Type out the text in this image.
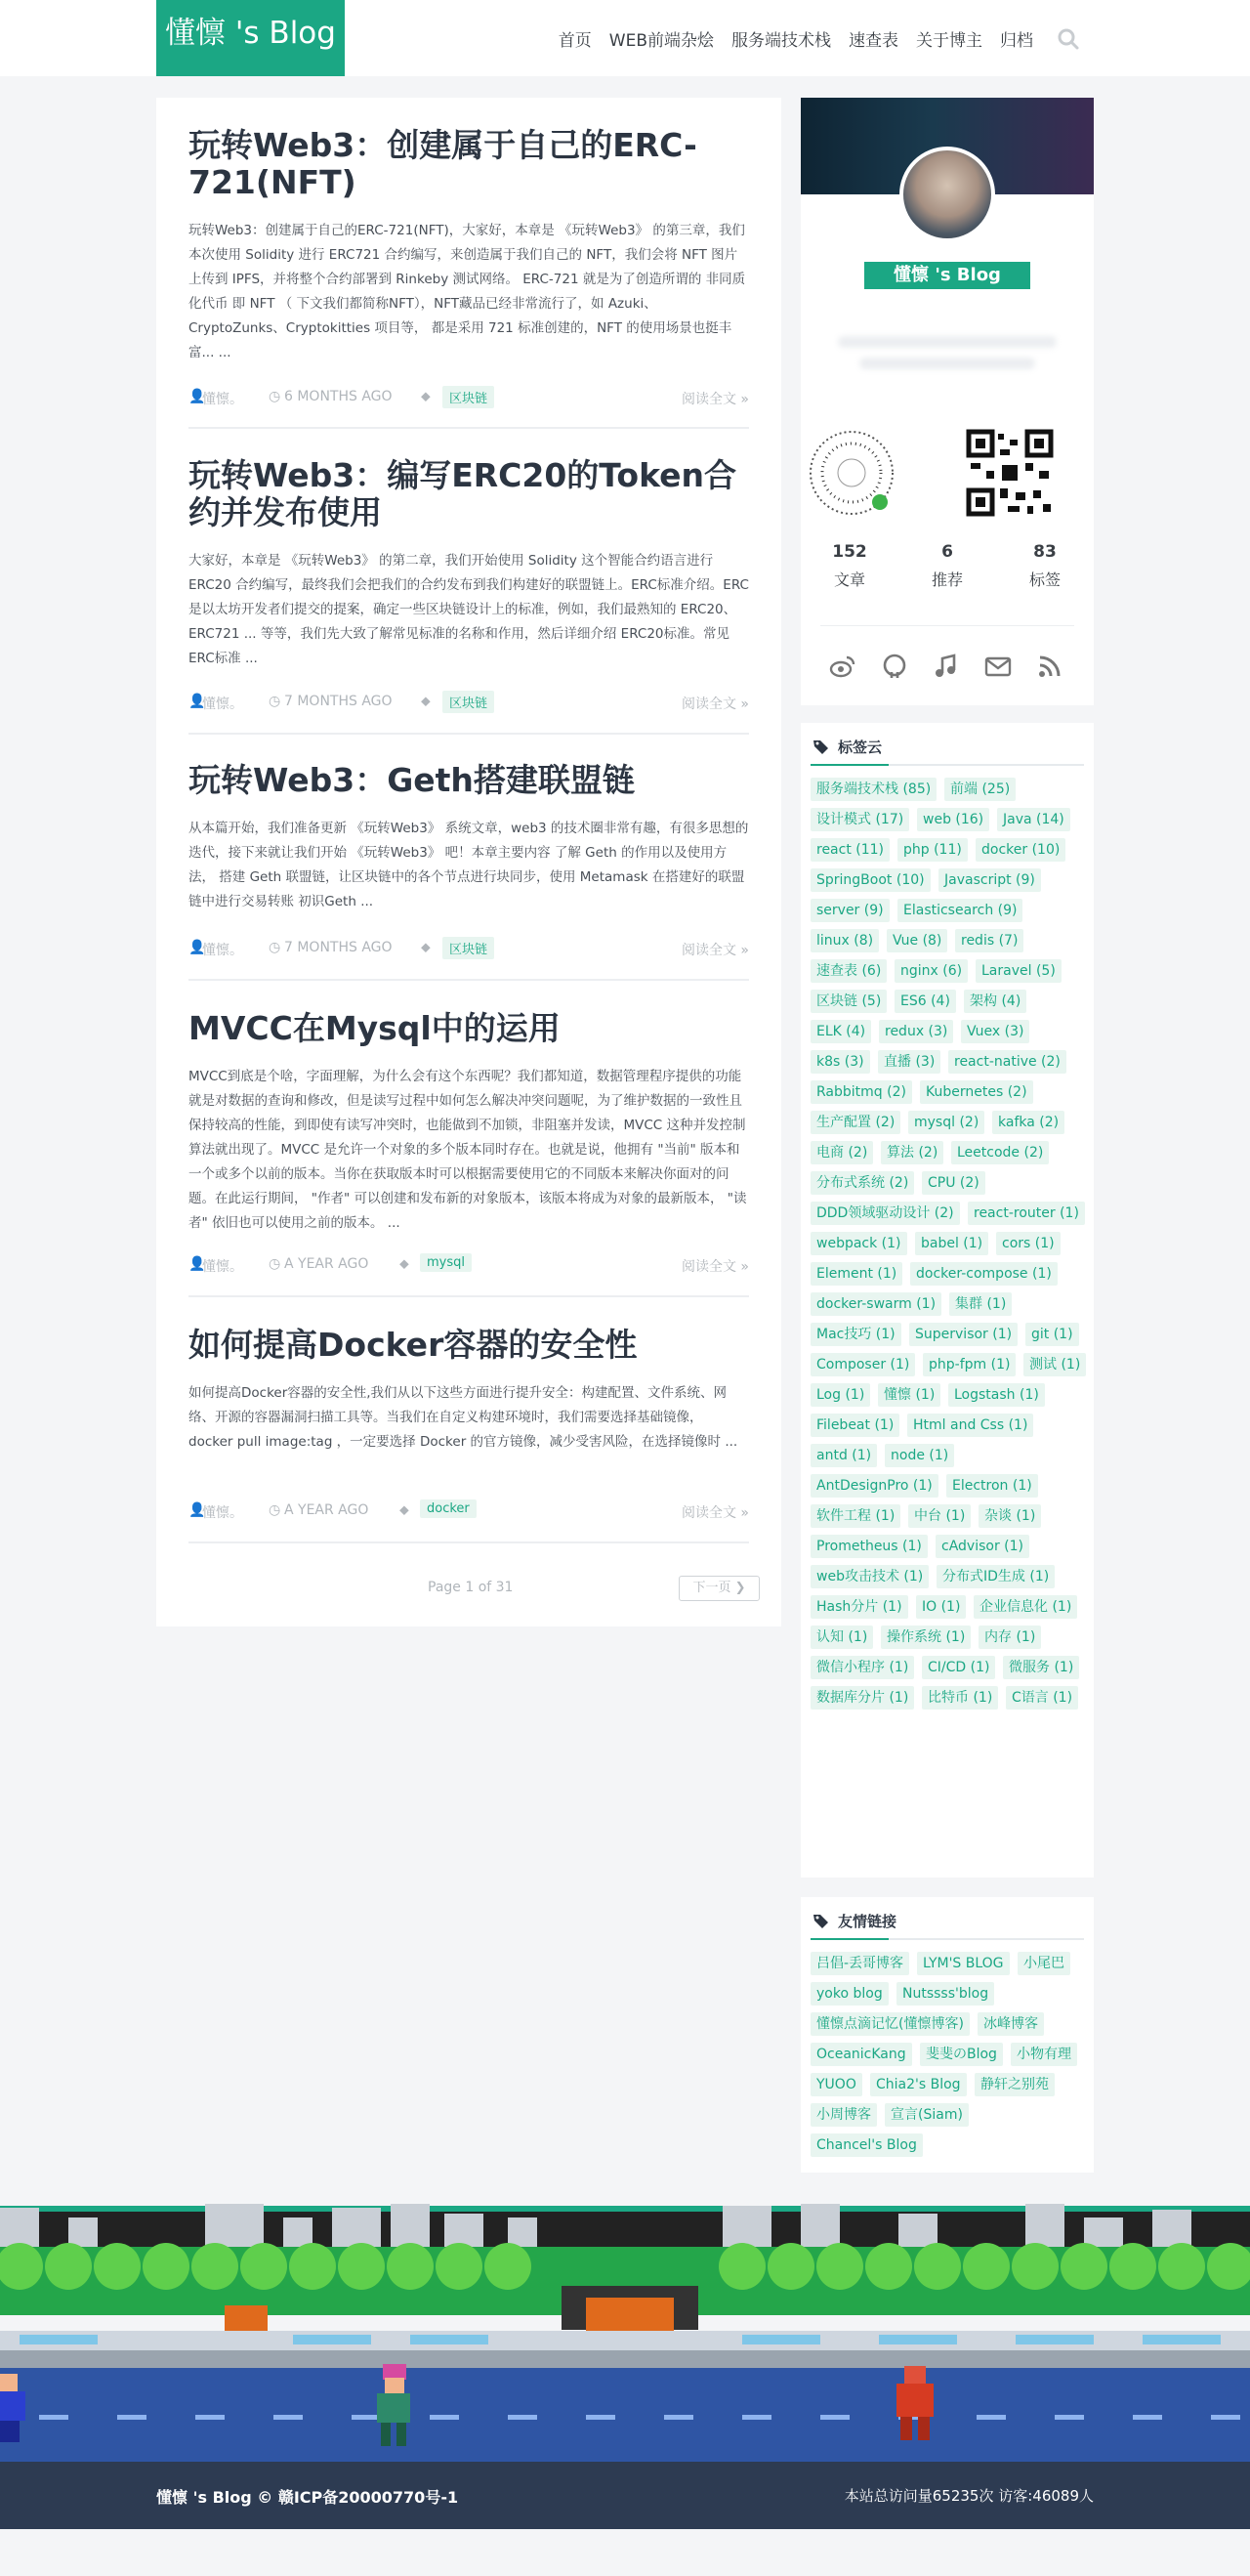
懂懔 's Blog	首页 WEB前端杂烩 服务端技术栈 速查表 关于博主 归档
玩转Web3：创建属于自己的ERC-721(NFT)

玩转Web3：创建属于自己的ERC-721(NFT)，大家好，本章是 《玩转Web3》 的第三章，我们本次使用 Solidity 进行 ERC721 合约编写，来创造属于我们自己的 NFT，我们会将 NFT 图片上传到 IPFS，并将整个合约部署到 Rinkeby 测试网络。 ERC-721 就是为了创造所谓的 非同质化代币 即 NFT （ 下文我们都简称NFT），NFT藏品已经非常流行了，如 Azuki、CryptoZunks、Cryptokitties 项目等， 都是采用 721 标准创建的，NFT 的使用场景也挺丰富... ...

👤
懂懔。 ◷ 6 MONTHS AGO ⬥	区块链	阅读全文 »
玩转Web3：编写ERC20的Token合约并发布使用

大家好，本章是 《玩转Web3》 的第二章，我们开始使用 Solidity 这个智能合约语言进行 ERC20 合约编写，最终我们会把我们的合约发布到我们构建好的联盟链上。ERC标准介绍。ERC 是以太坊开发者们提交的提案，确定一些区块链设计上的标准，例如，我们最熟知的 ERC20、ERC721 ... 等等，我们先大致了解常见标准的名称和作用，然后详细介绍 ERC20标准。常见ERC标准 ...

👤
懂懔。 ◷ 7 MONTHS AGO ⬥	区块链	阅读全文 »
玩转Web3：Geth搭建联盟链

从本篇开始，我们准备更新 《玩转Web3》 系统文章，web3 的技术圈非常有趣，有很多思想的迭代，接下来就让我们开始 《玩转Web3》 吧！本章主要内容 了解 Geth 的作用以及使用方法， 搭建 Geth 联盟链，让区块链中的各个节点进行块同步，使用 Metamask 在搭建好的联盟链中进行交易转账 初识Geth ...

👤
懂懔。 ◷ 7 MONTHS AGO ⬥	区块链	阅读全文 »
MVCC在Mysql中的运用

MVCC到底是个啥，字面理解，为什么会有这个东西呢？我们都知道，数据管理程序提供的功能就是对数据的查询和修改，但是读写过程中如何怎么解决冲突问题呢，为了维护数据的一致性且保持较高的性能，到即使有读写冲突时，也能做到不加锁，非阻塞并发读，MVCC 这种并发控制算法就出现了。MVCC 是允许一个对象的多个版本同时存在。也就是说，他拥有 "当前" 版本和一个或多个以前的版本。当你在获取版本时可以根据需要使用它的不同版本来解决你面对的问题。在此运行期间， "作者" 可以创建和发布新的对象版本，该版本将成为对象的最新版本， "读者" 依旧也可以使用之前的版本。 ...

👤
懂懔。 ◷ A YEAR AGO ⬥	mysql	阅读全文 »
如何提高Docker容器的安全性

如何提高Docker容器的安全性,我们从以下这些方面进行提升安全：构建配置、文件系统、网络、开源的容器漏洞扫描工具等。当我们在自定义构建环境时，我们需要选择基础镜像， docker pull image:tag ，一定要选择 Docker 的官方镜像，减少受害风险，在选择镜像时 ...

👤
懂懔。 ◷ A YEAR AGO ⬥	docker	阅读全文 »
Page 1 of 31	下一页 ❯
懂懔 's Blog
152
文章
6
推荐
83
标签
标签云
服务端技术栈 (85)	前端 (25)
设计模式 (17)	web (16)	Java (14)
react (11)	php (11)	docker (10)
SpringBoot (10)	Javascript (9)
server (9)	Elasticsearch (9)
linux (8)	Vue (8)	redis (7)
速查表 (6)	nginx (6)	Laravel (5)
区块链 (5)	ES6 (4)	架构 (4)
ELK (4)	redux (3)	Vuex (3)
k8s (3)	直播 (3)	react-native (2)
Rabbitmq (2)	Kubernetes (2)
生产配置 (2)	mysql (2)	kafka (2)
电商 (2)	算法 (2)	Leetcode (2)
分布式系统 (2)	CPU (2)
DDD领域驱动设计 (2)	react-router (1)
webpack (1)	babel (1)	cors (1)
Element (1)	docker-compose (1)
docker-swarm (1)	集群 (1)
Mac技巧 (1)	Supervisor (1)	git (1)
Composer (1)	php-fpm (1)	测试 (1)
Log (1)	懂懔 (1)	Logstash (1)
Filebeat (1)	Html and Css (1)
antd (1)	node (1)
AntDesignPro (1)	Electron (1)
软件工程 (1)	中台 (1)	杂谈 (1)
Prometheus (1)	cAdvisor (1)
web攻击技术 (1)	分布式ID生成 (1)
Hash分片 (1)	IO (1)	企业信息化 (1)
认知 (1)	操作系统 (1)	内存 (1)
微信小程序 (1)	CI/CD (1)	微服务 (1)
数据库分片 (1)	比特币 (1)	C语言 (1)
友情链接
吕倡-丢哥博客	LYM'S BLOG	小尾巴
yoko blog	Nutssss'blog
懂懔点滴记忆(懂懔博客)	冰峰博客
OceanicKang	斐斐のBlog	小物有理
YUOO	Chia2's Blog	静轩之别苑
小周博客	宣言(Siam)
Chancel's Blog
懂懔 's Blog © 赣ICP备20000770号-1	本站总访问量65235次 访客:46089人
